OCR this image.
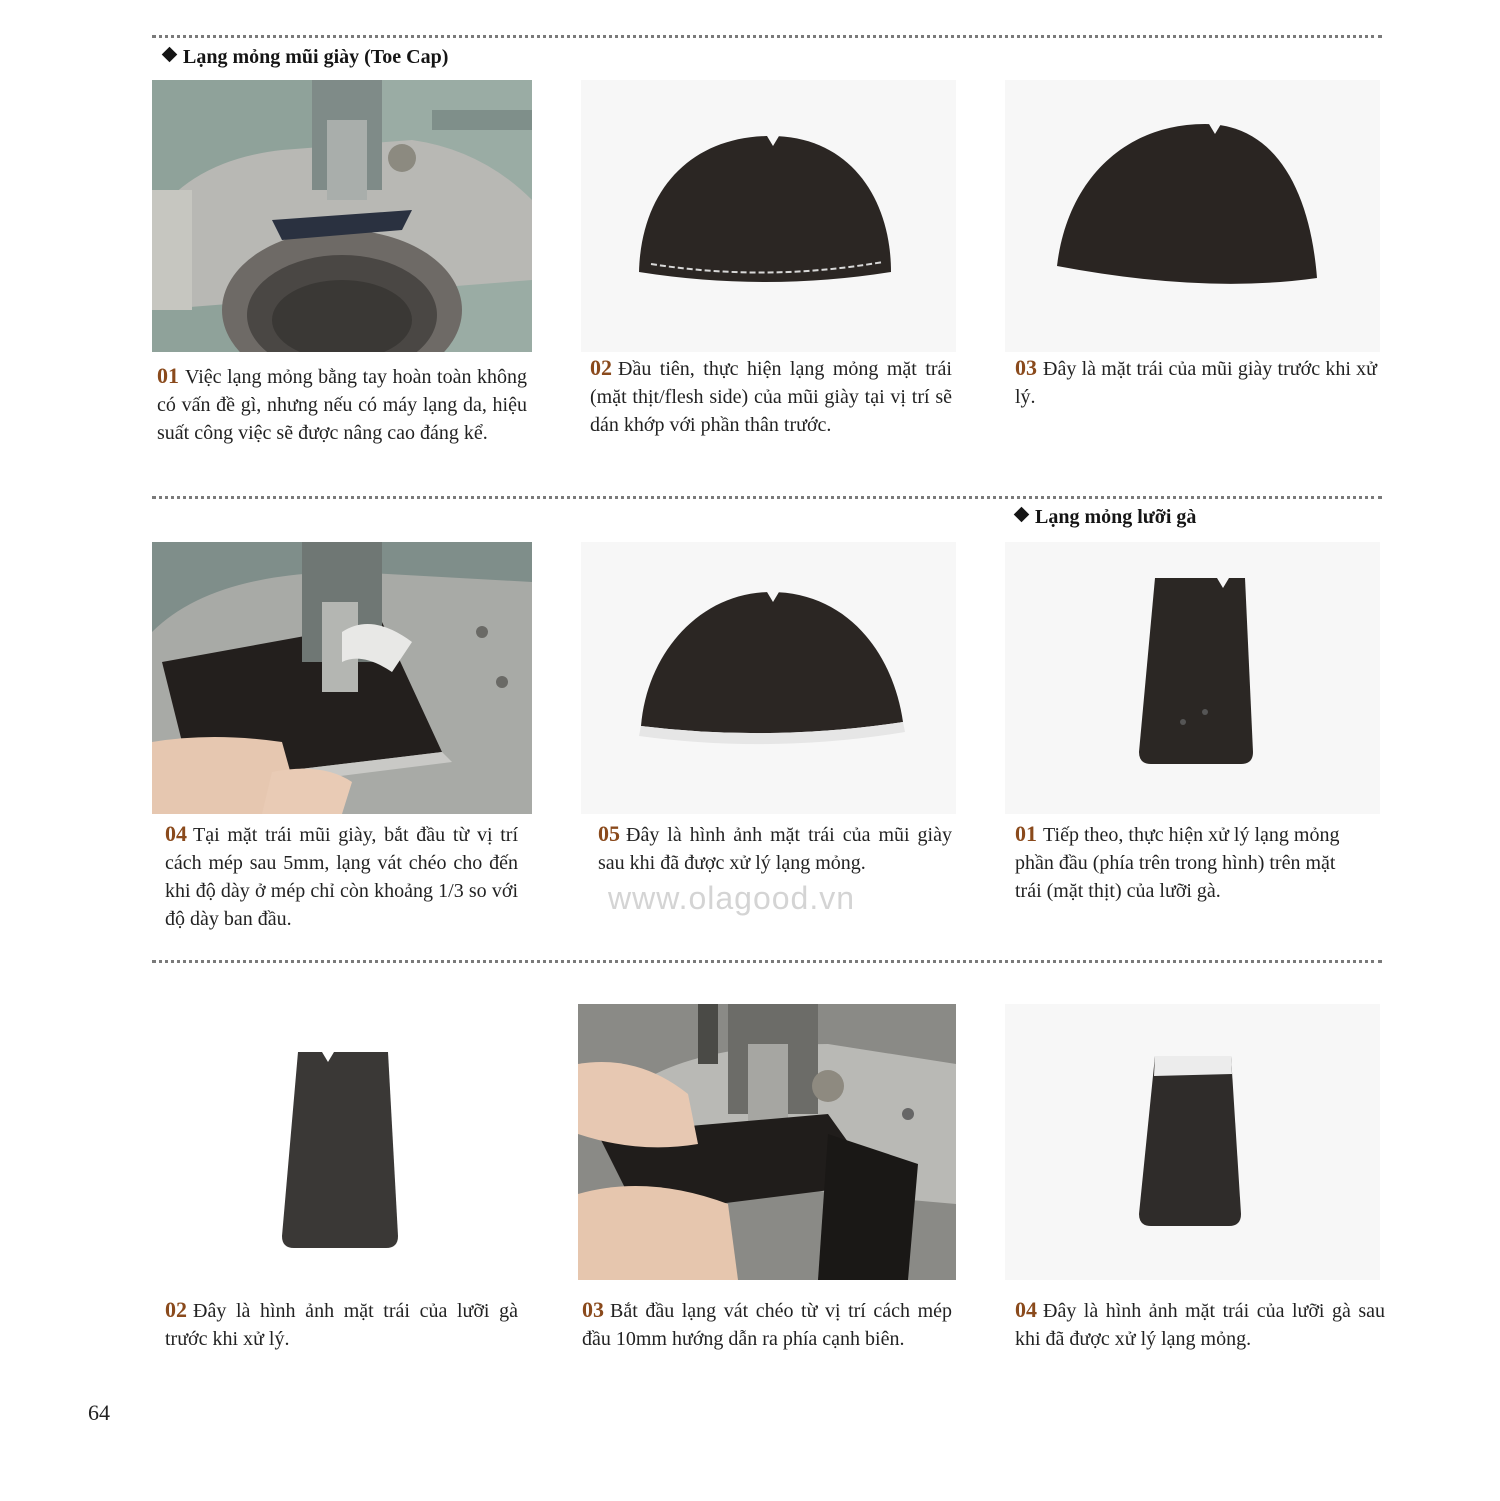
Lạng mỏng mũi giày (Toe Cap)
Lạng mỏng lưỡi gà
01 Việc lạng mỏng bằng tay hoàn toàn không có vấn đề gì, nhưng nếu có máy lạng da, hiệu suất công việc sẽ được nâng cao đáng kể.
02 Đầu tiên, thực hiện lạng mỏng mặt trái (mặt thịt/flesh side) của mũi giày tại vị trí sẽ dán khớp với phần thân trước.
03 Đây là mặt trái của mũi giày trước khi xử lý.
04 Tại mặt trái mũi giày, bắt đầu từ vị trí cách mép sau 5mm, lạng vát chéo cho đến khi độ dày ở mép chỉ còn khoảng 1/3 so với độ dày ban đầu.
05 Đây là hình ảnh mặt trái của mũi giày sau khi đã được xử lý lạng mỏng.
01 Tiếp theo, thực hiện xử lý lạng mỏng phần đầu (phía trên trong hình) trên mặt trái (mặt thịt) của lưỡi gà.
www.olagood.vn
02 Đây là hình ảnh mặt trái của lưỡi gà trước khi xử lý.
03 Bắt đầu lạng vát chéo từ vị trí cách mép đầu 10mm hướng dẫn ra phía cạnh biên.
04 Đây là hình ảnh mặt trái của lưỡi gà sau khi đã được xử lý lạng mỏng.
64
